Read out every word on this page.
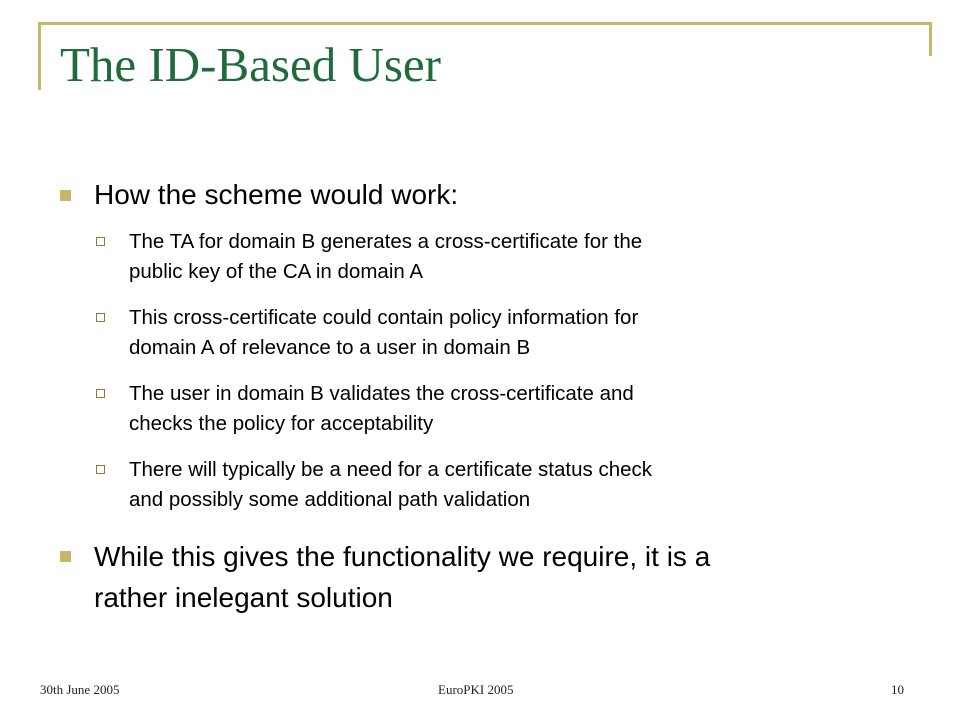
The ID-Based User
How the scheme would work:
The TA for domain B generates a cross-certificate for the
public key of the CA in domain A
This cross-certificate could contain policy information for
domain A of relevance to a user in domain B
The user in domain B validates the cross-certificate and
checks the policy for acceptability
There will typically be a need for a certificate status check
and possibly some additional path validation
While this gives the functionality we require, it is a
rather inelegant solution
30th June 2005	EuroPKI 2005	10
